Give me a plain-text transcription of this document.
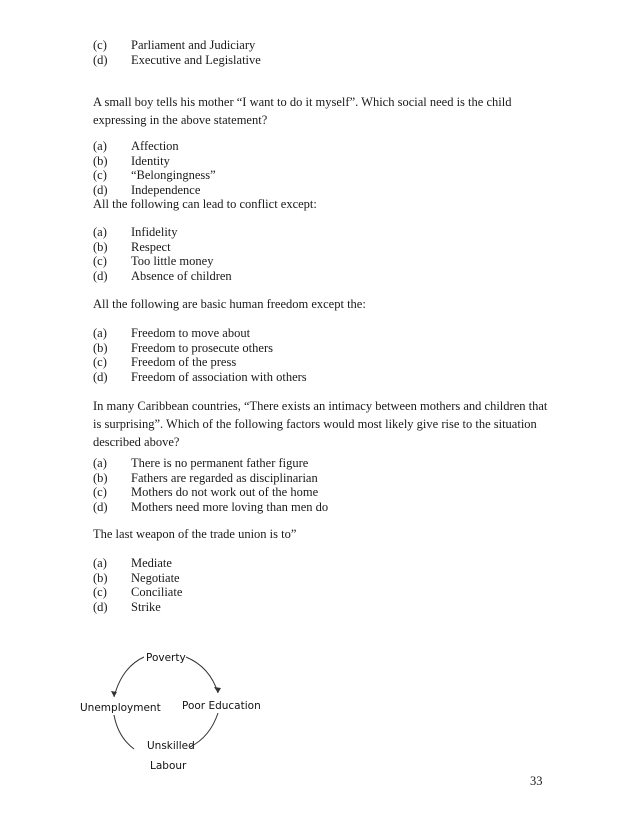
(c)	Parliament and Judiciary
(d)	Executive and Legislative
A small boy tells his mother “I want to do it myself”. Which social need is the child expressing in the above statement?
(a)	Affection
(b)	Identity
(c)	“Belongingness”
(d)	Independence
All the following can lead to conflict except:
(a)	Infidelity
(b)	Respect
(c)	Too little money
(d)	Absence of children
All the following are basic human freedom except the:
(a)	Freedom to move about
(b)	Freedom to prosecute others
(c)	Freedom of the press
(d)	Freedom of association with others
In many Caribbean countries, “There exists an intimacy between mothers and children that is surprising”. Which of the following factors would most likely give rise to the situation described above?
(a)	There is no permanent father figure
(b)	Fathers are regarded as disciplinarian
(c)	Mothers do not work out of the home
(d)	Mothers need more loving than men do
The last weapon of the trade union is to”
(a)	Mediate
(b)	Negotiate
(c)	Conciliate
(d)	Strike
Poverty
Poor Education
Unskilled
Labour
Unemployment
33
